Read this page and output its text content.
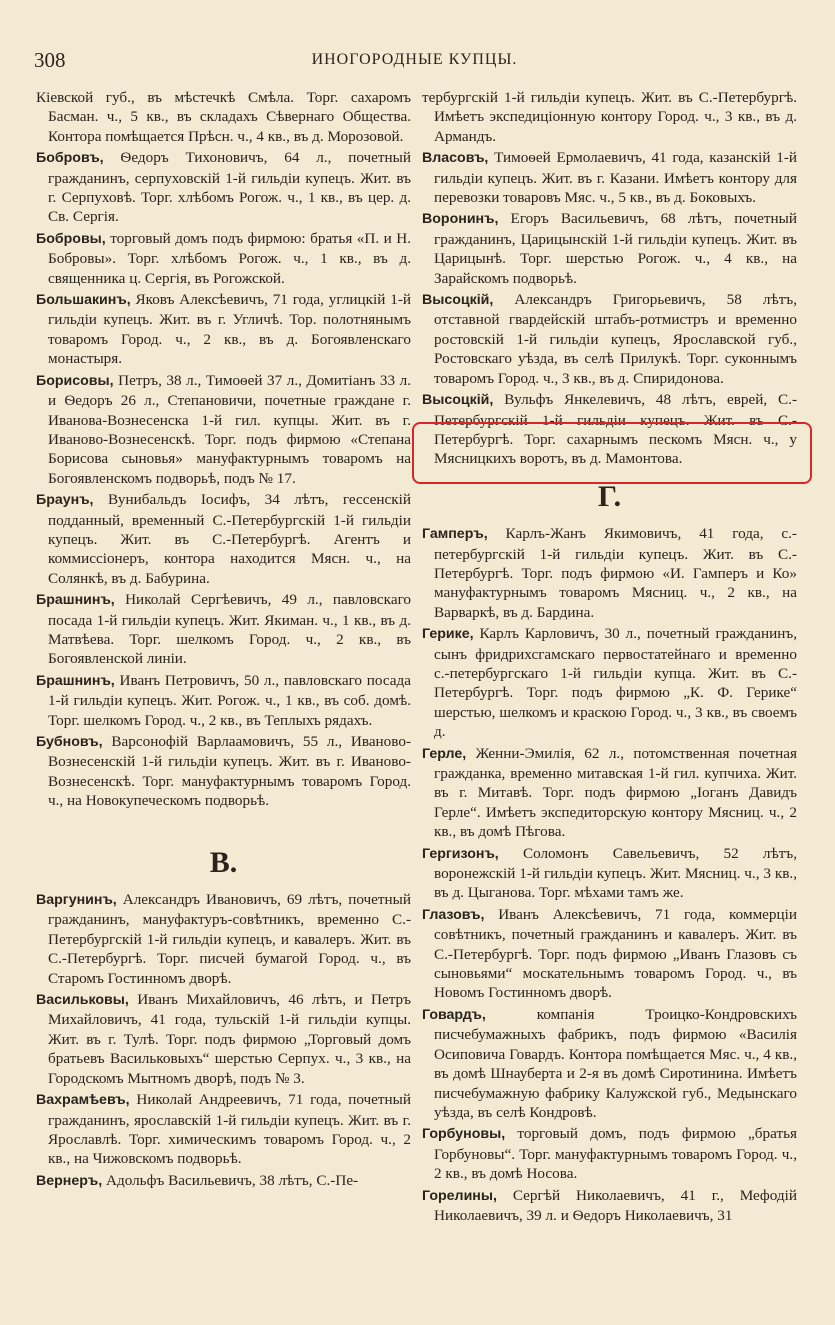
308	ИНОГОРОДНЫЕ КУПЦЫ.

Кіевской губ., въ мѣстечкѣ Смѣла. Торг. сахаромъ Басман. ч., 5 кв., въ складахъ Сѣвернаго Общества. Контора помѣщается Прѣсн. ч., 4 кв., въ д. Морозовой.

Бобровъ, Ѳедоръ Тихоновичъ, 64 л., почетный гражданинъ, серпуховскій 1-й гильдіи купецъ. Жит. въ г. Серпуховѣ. Торг. хлѣбомъ Рогож. ч., 1 кв., въ цер. д. Св. Сергія.

Бобровы, торговый домъ подъ фирмою: братья «П. и Н. Бобровы». Торг. хлѣбомъ Рогож. ч., 1 кв., въ д. священника ц. Сергія, въ Рогожской.

Большакинъ, Яковъ Алексѣевичъ, 71 года, углицкій 1-й гильдіи купецъ. Жит. въ г. Угличѣ. Тор. полотнянымъ товаромъ Город. ч., 2 кв., въ д. Богоявленскаго монастыря.

Борисовы, Петръ, 38 л., Тимоѳей 37 л., Домитіанъ 33 л. и Ѳедоръ 26 л., Степановичи, почетные граждане г. Иванова-Вознесенска 1-й гил. купцы. Жит. въ г. Иваново-Вознесенскѣ. Торг. подъ фирмою «Степана Борисова сыновья» мануфактурнымъ товаромъ на Богоявленскомъ подворьѣ, подъ № 17.

Браунъ, Вунибальдъ Іосифъ, 34 лѣтъ, гессенскій подданный, временный С.-Петербургскій 1-й гильдіи купецъ. Жит. въ С.-Петербургѣ. Агентъ и коммиссіонеръ, контора находится Мясн. ч., на Солянкѣ, въ д. Бабурина.

Брашнинъ, Николай Сергѣевичъ, 49 л., павловскаго посада 1-й гильдіи купецъ. Жит. Якиман. ч., 1 кв., въ д. Матвѣева. Торг. шелкомъ Город. ч., 2 кв., въ Богоявленской линіи.

Брашнинъ, Иванъ Петровичъ, 50 л., павловскаго посада 1-й гильдіи купецъ. Жит. Рогож. ч., 1 кв., въ соб. домѣ. Торг. шелкомъ Город. ч., 2 кв., въ Теплыхъ рядахъ.

Бубновъ, Варсонофій Варлаамовичъ, 55 л., Иваново-Вознесенскій 1-й гильдіи купецъ. Жит. въ г. Иваново-Вознесенскѣ. Торг. мануфактурнымъ товаромъ Город. ч., на Новокупеческомъ подворьѣ.

В.

Варгунинъ, Александръ Ивановичъ, 69 лѣтъ, почетный гражданинъ, мануфактуръ-совѣтникъ, временно С.-Петербургскій 1-й гильдіи купецъ, и кавалеръ. Жит. въ С.-Петербургѣ. Торг. писчей бумагой Город. ч., въ Старомъ Гостинномъ дворѣ.

Васильковы, Иванъ Михайловичъ, 46 лѣтъ, и Петръ Михайловичъ, 41 года, тульскій 1-й гильдіи купцы. Жит. въ г. Тулѣ. Торг. подъ фирмою „Торговый домъ братьевъ Васильковыхъ“ шерстью Серпух. ч., 3 кв., на Городскомъ Мытномъ дворѣ, подъ № 3.

Вахрамѣевъ, Николай Андреевичъ, 71 года, почетный гражданинъ, ярославскій 1-й гильдіи купецъ. Жит. въ г. Ярославлѣ. Торг. химическимъ товаромъ Город. ч., 2 кв., на Чижовскомъ подворьѣ.

Вернеръ, Адольфъ Васильевичъ, 38 лѣтъ, С.-Пе-

тербургскій 1-й гильдіи купецъ. Жит. въ С.-Петербургѣ. Имѣетъ экспедиціонную контору Город. ч., 3 кв., въ д. Армандъ.

Власовъ, Тимоѳей Ермолаевичъ, 41 года, казанскій 1-й гильдіи купецъ. Жит. въ г. Казани. Имѣетъ контору для перевозки товаровъ Мяс. ч., 5 кв., въ д. Боковыхъ.

Воронинъ, Егоръ Васильевичъ, 68 лѣтъ, почетный гражданинъ, Царицынскій 1-й гильдіи купецъ. Жит. въ Царицынѣ. Торг. шерстью Рогож. ч., 4 кв., на Зарайскомъ подворьѣ.

Высоцкій, Александръ Григорьевичъ, 58 лѣтъ, отставной гвардейскій штабъ-ротмистръ и временно ростовскій 1-й гильдіи купецъ, Ярославской губ., Ростовскаго уѣзда, въ селѣ Прилукѣ. Торг. суконнымъ товаромъ Город. ч., 3 кв., въ д. Спиридонова.

Высоцкій, Вульфъ Янкелевичъ, 48 лѣтъ, еврей, С.-Петербургскій 1-й гильдіи купецъ. Жит. въ С.-Петербургѣ. Торг. сахарнымъ пескомъ Мясн. ч., у Мясницкихъ воротъ, въ д. Мамонтова.

Г.

Гамперъ, Карлъ-Жанъ Якимовичъ, 41 года, с.-петербургскій 1-й гильдіи купецъ. Жит. въ С.-Петербургѣ. Торг. подъ фирмою «И. Гамперъ и Ко» мануфактурнымъ товаромъ Мясниц. ч., 2 кв., на Варваркѣ, въ д. Бардина.

Герике, Карлъ Карловичъ, 30 л., почетный гражданинъ, сынъ фридрихсгамскаго первостатейнаго и временно с.-петербургскаго 1-й гильдіи купца. Жит. въ С.-Петербургѣ. Торг. подъ фирмою „К. Ф. Герике“ шерстью, шелкомъ и краскою Город. ч., 3 кв., въ своемъ д.

Герле, Женни-Эмилія, 62 л., потомственная почетная гражданка, временно митавская 1-й гил. купчиха. Жит. въ г. Митавѣ. Торг. подъ фирмою „Іоганъ Давидъ Герле“. Имѣетъ экспедиторскую контору Мясниц. ч., 2 кв., въ домѣ Пѣгова.

Гергизонъ, Соломонъ Савельевичъ, 52 лѣтъ, воронежскій 1-й гильдіи купецъ. Жит. Мясниц. ч., 3 кв., въ д. Цыганова. Торг. мѣхами тамъ же.

Глазовъ, Иванъ Алексѣевичъ, 71 года, коммерціи совѣтникъ, почетный гражданинъ и кавалеръ. Жит. въ С.-Петербургѣ. Торг. подъ фирмою „Иванъ Глазовъ съ сыновьями“ москательнымъ товаромъ Город. ч., въ Новомъ Гостинномъ дворѣ.

Говардъ,	компанія Троицко-Кондровскихъ писчебумажныхъ фабрикъ, подъ фирмою «Василія Осиповича Говардъ. Контора помѣщается Мяс. ч., 4 кв., въ домѣ Шнауберта и 2-я въ домѣ Сиротинина. Имѣетъ писчебумажную фабрику Калужской губ., Медынскаго уѣзда, въ селѣ Кондровѣ.

Горбуновы, торговый домъ, подъ фирмою „братья Горбуновы“. Торг. мануфактурнымъ товаромъ Город. ч., 2 кв., въ домѣ Носова.

Горелины, Сергѣй Николаевичъ, 41 г., Мефодій Николаевичъ, 39 л. и Ѳедоръ Николаевичъ, 31
